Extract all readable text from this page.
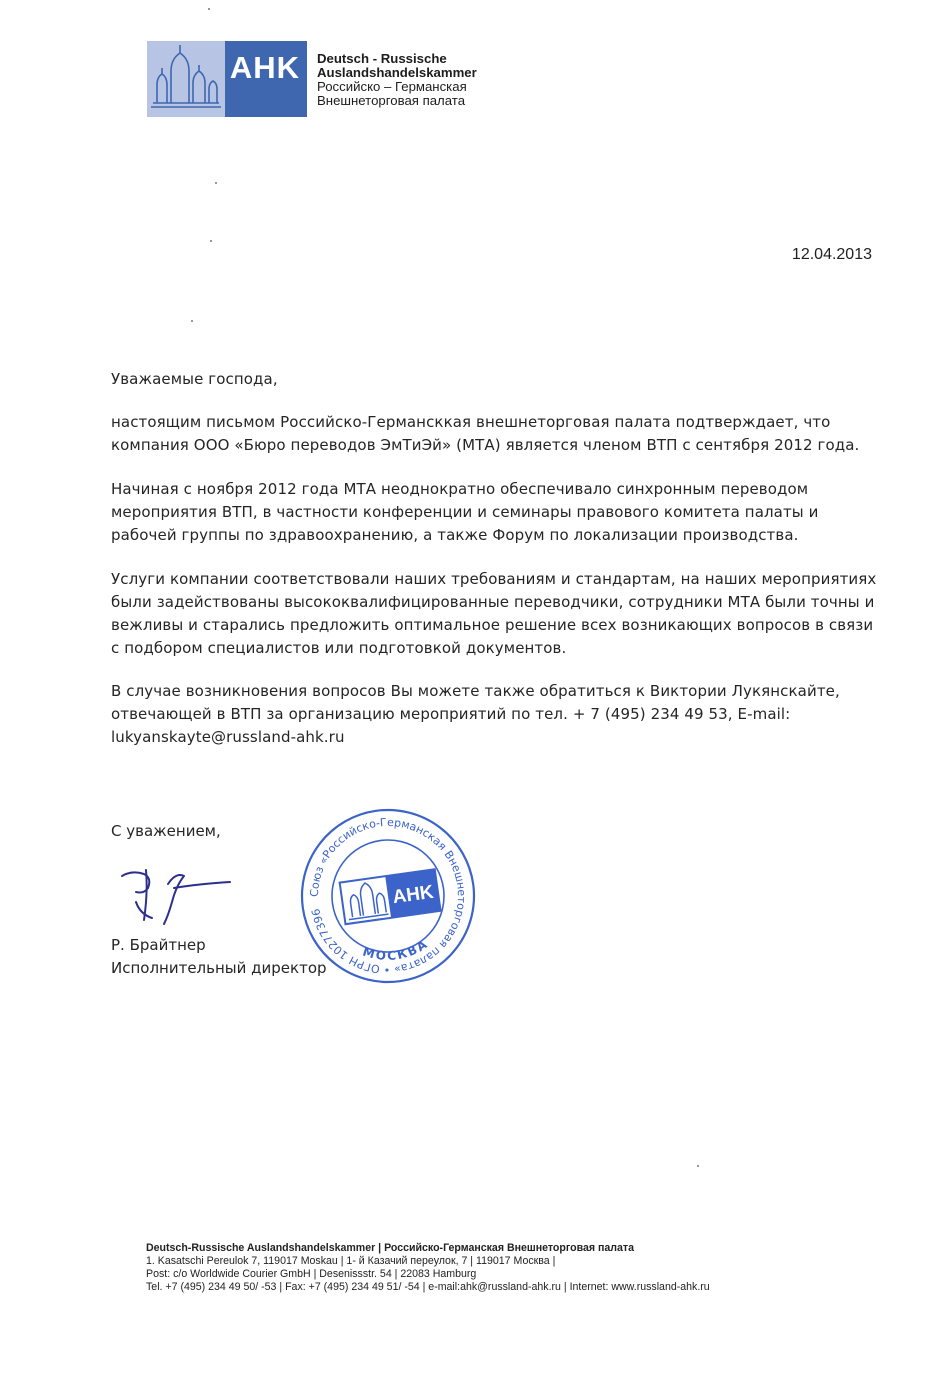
AHK Deutsch - Russische
Auslandshandelskammer
Российско – Германская
Внешнеторговая палата
12.04.2013
Уважаемые господа,
настоящим письмом Российско-Германсккая внешнеторговая палата подтверждает, что
компания ООО «Бюро переводов ЭмТиЭй» (МТА) является членом ВТП с сентября 2012 года.
Начиная с ноября 2012 года МТА неоднократно обеспечивало синхронным переводом
мероприятия ВТП, в частности конференции и семинары правового комитета палаты и
рабочей группы по здравоохранению, а также Форум по локализации производства.
Услуги компании соответствовали наших требованиям и стандартам, на наших мероприятиях
были задействованы высококвалифицированные переводчики, сотрудники МТА были точны и
вежливы и старались предложить оптимальное решение всех возникающих вопросов в связи
с подбором специалистов или подготовкой документов.
В случае возникновения вопросов Вы можете также обратиться к Виктории Лукянскайте,
отвечающей в ВТП за организацию мероприятий по тел. + 7 (495) 234 49 53, E-mail:
lukyanskayte@russland-ahk.ru
С уважением,
Р. Брайтнер
Исполнительный директор
Союз «Российско-Германская Внешнеторговая палата» • ОГРН 1027739607755
МОСКВА
AHK
Deutsch-Russische Auslandshandelskammer | Российско-Германская Внешнеторговая палата
1. Kasatschi Pereulok 7, 119017 Moskau | 1- й Казачий переулок, 7 | 119017 Москва |
Post: c/o Worldwide Courier GmbH | Desenissstr. 54 | 22083 Hamburg
Tel. +7 (495) 234 49 50/ -53 | Fax: +7 (495) 234 49 51/ -54 | e-mail:ahk@russland-ahk.ru | Internet: www.russland-ahk.ru
